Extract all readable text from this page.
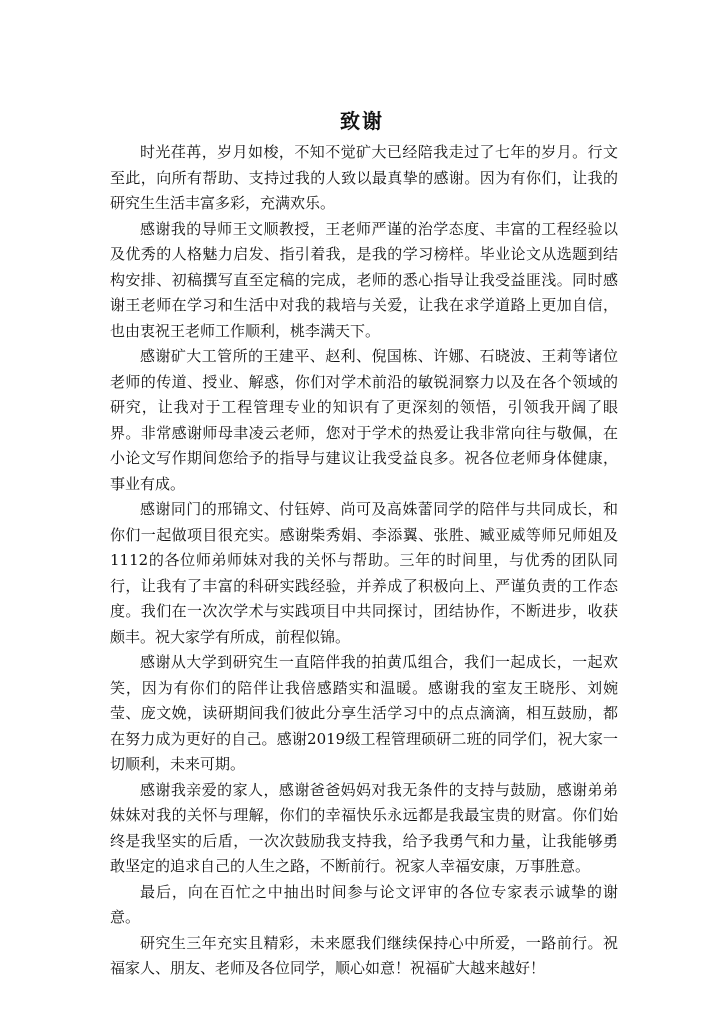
致谢

时光荏苒，岁月如梭，不知不觉矿大已经陪我走过了七年的岁月。行文至此，向所有帮助、支持过我的人致以最真挚的感谢。因为有你们，让我的研究生生活丰富多彩，充满欢乐。

感谢我的导师王文顺教授，王老师严谨的治学态度、丰富的工程经验以及优秀的人格魅力启发、指引着我，是我的学习榜样。毕业论文从选题到结构安排、初稿撰写直至定稿的完成，老师的悉心指导让我受益匪浅。同时感谢王老师在学习和生活中对我的栽培与关爱，让我在求学道路上更加自信，也由衷祝王老师工作顺利，桃李满天下。

感谢矿大工管所的王建平、赵利、倪国栋、许娜、石晓波、王莉等诸位老师的传道、授业、解惑，你们对学术前沿的敏锐洞察力以及在各个领域的研究，让我对于工程管理专业的知识有了更深刻的领悟，引领我开阔了眼界。非常感谢师母聿凌云老师，您对于学术的热爱让我非常向往与敬佩，在小论文写作期间您给予的指导与建议让我受益良多。祝各位老师身体健康，事业有成。

感谢同门的邢锦文、付钰婷、尚可及高姝蕾同学的陪伴与共同成长，和你们一起做项目很充实。感谢柴秀娟、李添翼、张胜、臧亚威等师兄师姐及1112的各位师弟师妹对我的关怀与帮助。三年的时间里，与优秀的团队同行，让我有了丰富的科研实践经验，并养成了积极向上、严谨负责的工作态度。我们在一次次学术与实践项目中共同探讨，团结协作，不断进步，收获颇丰。祝大家学有所成，前程似锦。

感谢从大学到研究生一直陪伴我的拍黄瓜组合，我们一起成长，一起欢笑，因为有你们的陪伴让我倍感踏实和温暖。感谢我的室友王晓彤、刘婉莹、庞文娩，读研期间我们彼此分享生活学习中的点点滴滴，相互鼓励，都在努力成为更好的自己。感谢2019级工程管理硕研二班的同学们，祝大家一切顺利，未来可期。

感谢我亲爱的家人，感谢爸爸妈妈对我无条件的支持与鼓励，感谢弟弟妹妹对我的关怀与理解，你们的幸福快乐永远都是我最宝贵的财富。你们始终是我坚实的后盾，一次次鼓励我支持我，给予我勇气和力量，让我能够勇敢坚定的追求自己的人生之路，不断前行。祝家人幸福安康，万事胜意。

最后，向在百忙之中抽出时间参与论文评审的各位专家表示诚挚的谢意。

研究生三年充实且精彩，未来愿我们继续保持心中所爱，一路前行。祝福家人、朋友、老师及各位同学，顺心如意！祝福矿大越来越好！
